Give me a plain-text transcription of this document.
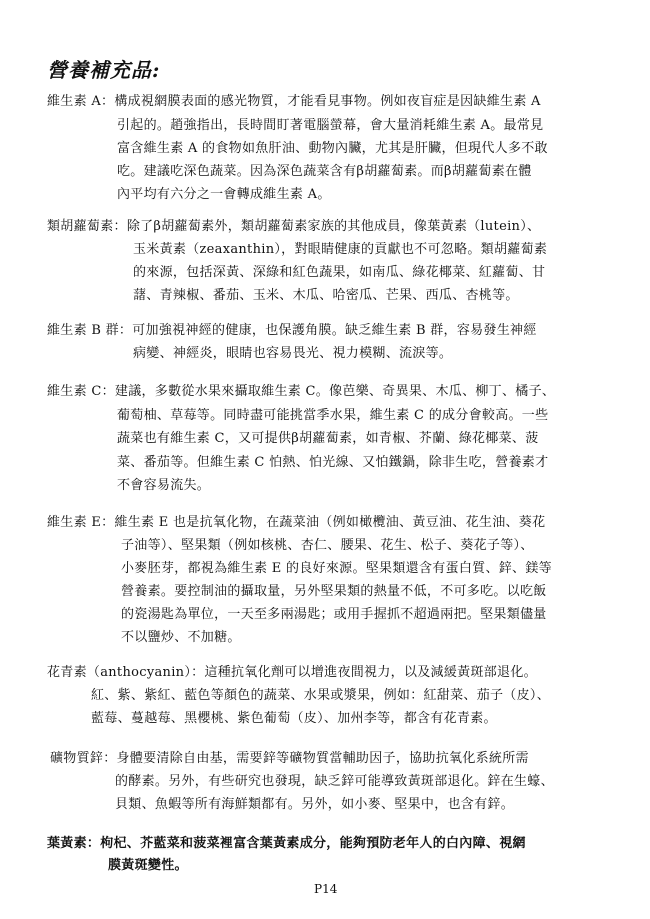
營養補充品:
維生素 A：構成視網膜表面的感光物質，才能看見事物。例如夜盲症是因缺維生素 A
引起的。趙強指出，長時間盯著電腦螢幕，會大量消耗維生素 A。最常見
富含維生素 A 的食物如魚肝油、動物內臟，尤其是肝臟，但現代人多不敢
吃。建議吃深色蔬菜。因為深色蔬菜含有β胡蘿蔔素。而β胡蘿蔔素在體
內平均有六分之一會轉成維生素 A。
類胡蘿蔔素：除了β胡蘿蔔素外，類胡蘿蔔素家族的其他成員，像葉黃素（lutein）、
玉米黃素（zeaxanthin），對眼睛健康的貢獻也不可忽略。類胡蘿蔔素
的來源，包括深黃、深綠和紅色蔬果，如南瓜、綠花椰菜、紅蘿蔔、甘
藷、青辣椒、番茄、玉米、木瓜、哈密瓜、芒果、西瓜、杏桃等。
維生素 B 群：可加強視神經的健康，也保護角膜。缺乏維生素 B 群，容易發生神經
病變、神經炎，眼睛也容易畏光、視力模糊、流淚等。
維生素 C：建議，多數從水果來攝取維生素 C。像芭樂、奇異果、木瓜、柳丁、橘子、
葡萄柚、草莓等。同時盡可能挑當季水果，維生素 C 的成分會較高。一些
蔬菜也有維生素 C，又可提供β胡蘿蔔素，如青椒、芥蘭、綠花椰菜、菠
菜、番茄等。但維生素 C 怕熱、怕光線、又怕鐵鍋，除非生吃，營養素才
不會容易流失。
維生素 E：維生素 E 也是抗氧化物，在蔬菜油（例如橄欖油、黃豆油、花生油、葵花
子油等）、堅果類（例如核桃、杏仁、腰果、花生、松子、葵花子等）、
小麥胚芽，都視為維生素 E 的良好來源。堅果類還含有蛋白質、鋅、鎂等
營養素。要控制油的攝取量，另外堅果類的熱量不低，不可多吃。以吃飯
的瓷湯匙為單位，一天至多兩湯匙；或用手握抓不超過兩把。堅果類儘量
不以鹽炒、不加糖。
花青素（anthocyanin）：這種抗氧化劑可以增進夜間視力，以及減緩黃斑部退化。
紅、紫、紫紅、藍色等顏色的蔬菜、水果或漿果，例如：紅甜菜、茄子（皮）、
藍莓、蔓越莓、黑櫻桃、紫色葡萄（皮）、加州李等，都含有花青素。
礦物質鋅：身體要清除自由基，需要鋅等礦物質當輔助因子，協助抗氧化系統所需
的酵素。另外，有些研究也發現，缺乏鋅可能導致黃斑部退化。鋅在生蠔、
貝類、魚蝦等所有海鮮類都有。另外，如小麥、堅果中，也含有鋅。
葉黃素：枸杞、芥藍菜和菠菜裡富含葉黃素成分，能夠預防老年人的白內障、視網
膜黃斑變性。
P14
